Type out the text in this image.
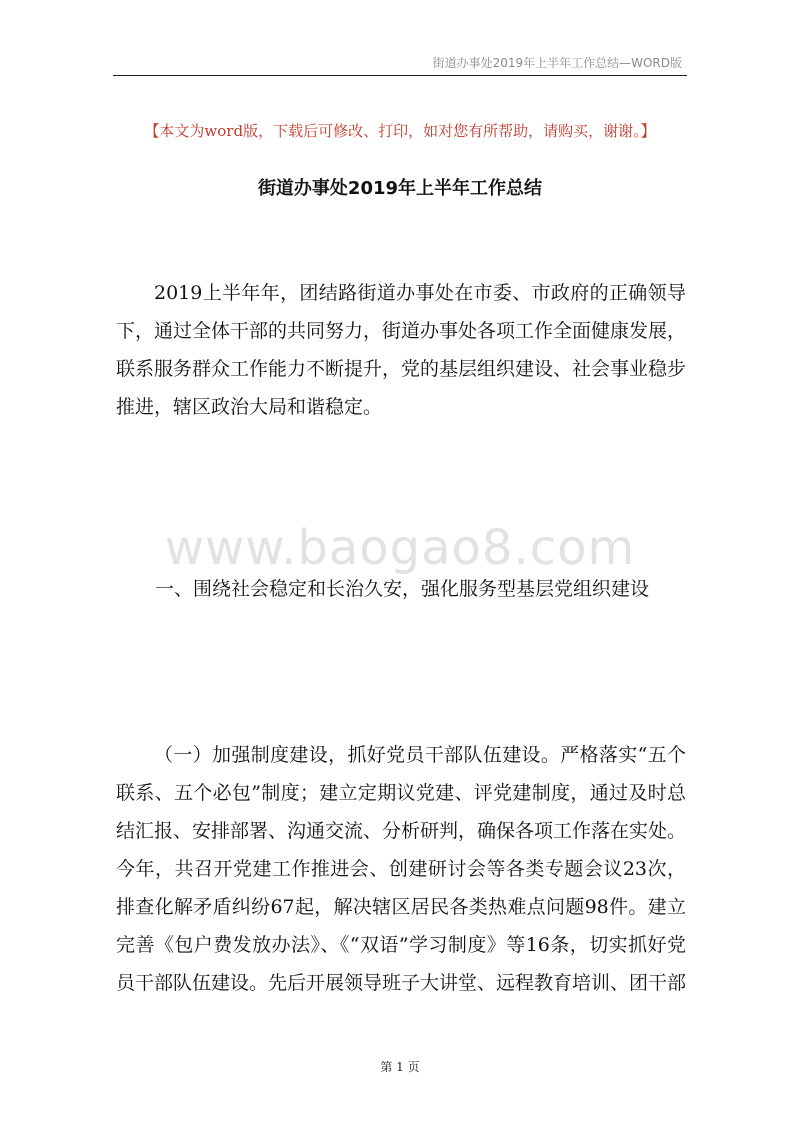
街道办事处2019年上半年工作总结—WORD版
【本文为word版，下载后可修改、打印，如对您有所帮助，请购买，谢谢。】
街道办事处2019年上半年工作总结

2019上半年年，团结路街道办事处在市委、市政府的正确领导下，通过全体干部的共同努力，街道办事处各项工作全面健康发展，联系服务群众工作能力不断提升，党的基层组织建设、社会事业稳步推进，辖区政治大局和谐稳定。

www.baogao8.com

一、围绕社会稳定和长治久安，强化服务型基层党组织建设

（一）加强制度建设，抓好党员干部队伍建设。严格落实“五个联系、五个必包”制度；建立定期议党建、评党建制度，通过及时总结汇报、安排部署、沟通交流、分析研判，确保各项工作落在实处。今年，共召开党建工作推进会、创建研讨会等各类专题会议23次，排查化解矛盾纠纷67起，解决辖区居民各类热难点问题98件。建立完善《包户费发放办法》、《“双语”学习制度》等16条，切实抓好党员干部队伍建设。先后开展领导班子大讲堂、远程教育培训、团干部

第 1 页
